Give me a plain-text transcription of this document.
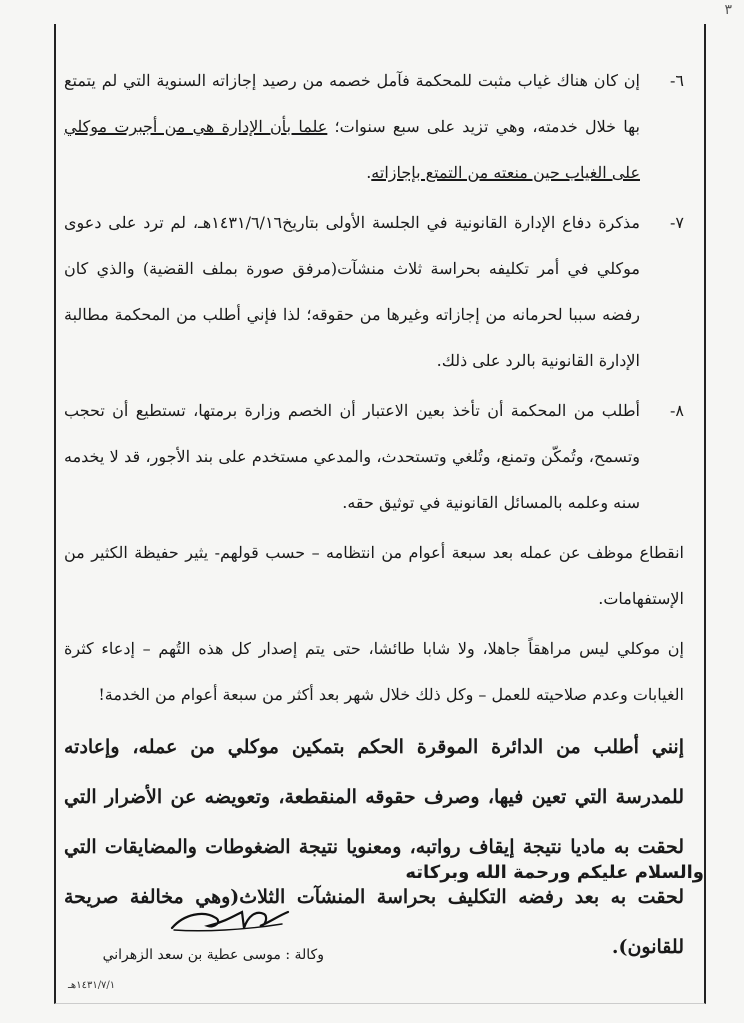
٣
٦-
إن كان هناك غياب مثبت للمحكمة فآمل خصمه من رصيد إجازاته السنوية التي لم يتمتع بها خلال خدمته، وهي تزيد على سبع سنوات؛ علما بأن الإدارة هي من أجبرت موكلي على الغياب حين منعته من التمتع بإجازاته.
٧-
مذكرة دفاع الإدارة القانونية في الجلسة الأولى بتاريخ١٤٣١/٦/١٦هـ، لم ترد على دعوى موكلي في أمر تكليفه بحراسة ثلاث منشآت(مرفق صورة بملف القضية) والذي كان رفضه سببا لحرمانه من إجازاته وغيرها من حقوقه؛ لذا فإني أطلب من المحكمة مطالبة الإدارة القانونية بالرد على ذلك.
٨-
أطلب من المحكمة أن تأخذ بعين الاعتبار أن الخصم وزارة برمتها، تستطيع أن تحجب وتسمح، وتُمكّن وتمنع، وتُلغي وتستحدث، والمدعي مستخدم على بند الأجور، قد لا يخدمه سنه وعلمه بالمسائل القانونية في توثيق حقه.
انقطاع موظف عن عمله بعد سبعة أعوام من انتظامه – حسب قولهم- يثير حفيظة الكثير من الإستفهامات.
إن موكلي ليس مراهقاً جاهلا، ولا شابا طائشا، حتى يتم إصدار كل هذه التُهم – إدعاء كثرة الغيابات وعدم صلاحيته للعمل – وكل ذلك خلال شهر بعد أكثر من سبعة أعوام من الخدمة!
إنني أطلب من الدائرة الموقرة الحكم بتمكين موكلي من عمله، وإعادته للمدرسة التي تعين فيها، وصرف حقوقه المنقطعة، وتعويضه عن الأضرار التي لحقت به ماديا نتيجة إيقاف رواتبه، ومعنويا نتيجة الضغوطات والمضايقات التي لحقت به بعد رفضه التكليف بحراسة المنشآت الثلاث(وهي مخالفة صريحة للقانون).
والسلام عليكم ورحمة الله وبركاته
وكالة : موسى عطية بن سعد الزهراني
١٤٣١/٧/١هـ
